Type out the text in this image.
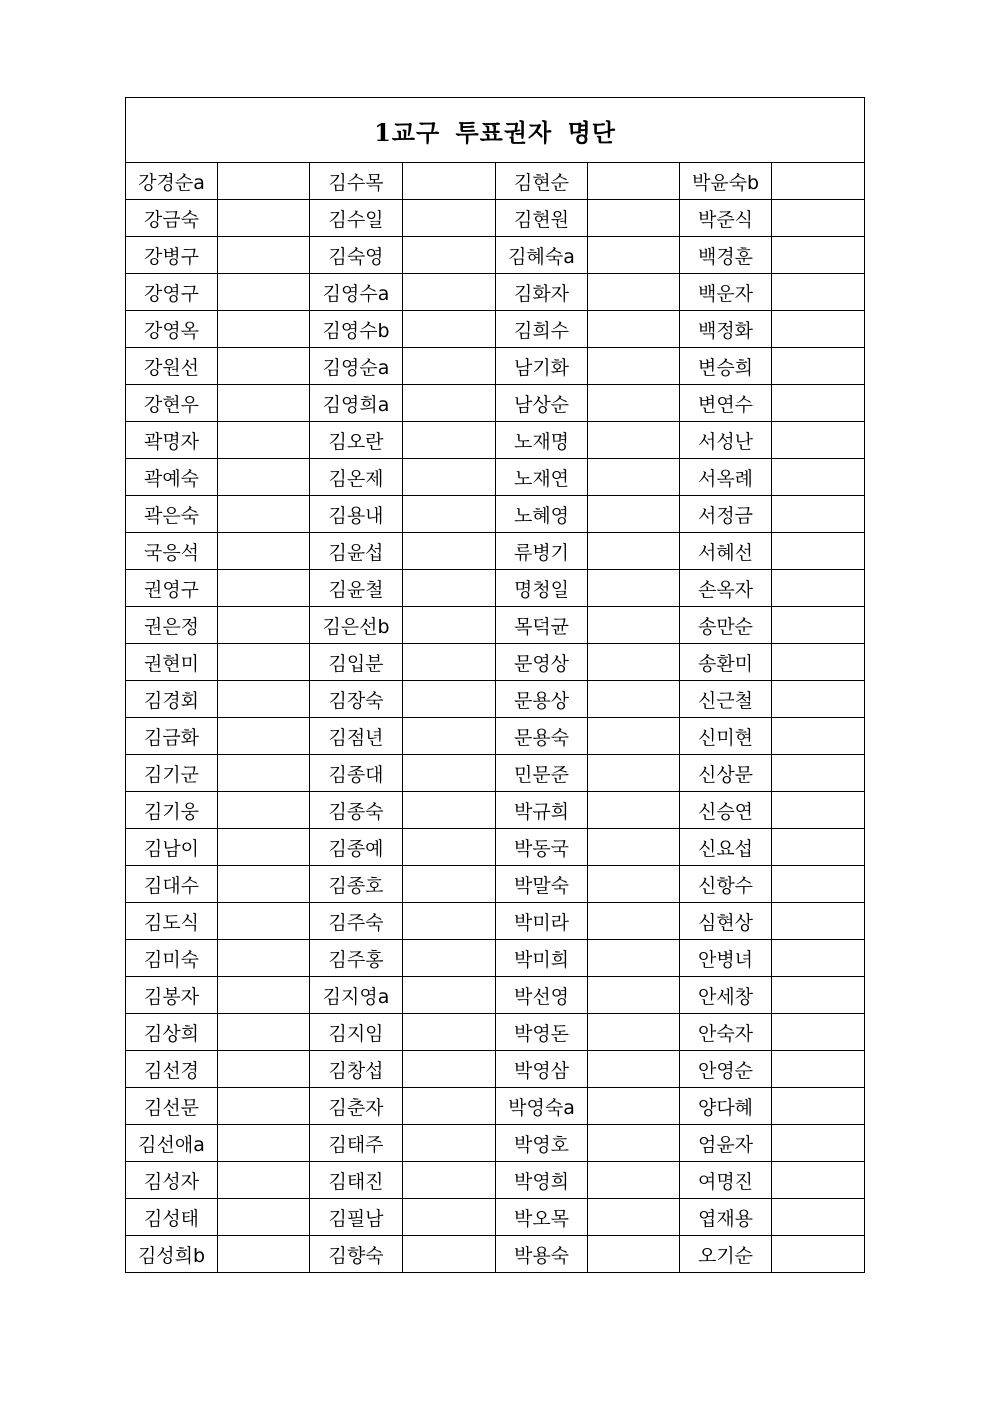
1교구 투표권자 명단							
강경순a		김수목		김현순		박윤숙b	
강금숙		김수일		김현원		박준식	
강병구		김숙영		김혜숙a		백경훈	
강영구		김영수a		김화자		백운자	
강영옥		김영수b		김희수		백정화	
강원선		김영순a		남기화		변승희	
강현우		김영희a		남상순		변연수	
곽명자		김오란		노재명		서성난	
곽예숙		김온제		노재연		서옥례	
곽은숙		김용내		노혜영		서정금	
국응석		김윤섭		류병기		서혜선	
권영구		김윤철		명청일		손옥자	
권은정		김은선b		목덕균		송만순	
권현미		김입분		문영상		송환미	
김경회		김장숙		문용상		신근철	
김금화		김점년		문용숙		신미현	
김기군		김종대		민문준		신상문	
김기웅		김종숙		박규희		신승연	
김남이		김종예		박동국		신요섭	
김대수		김종호		박말숙		신항수	
김도식		김주숙		박미라		심현상	
김미숙		김주홍		박미희		안병녀	
김봉자		김지영a		박선영		안세창	
김상희		김지임		박영돈		안숙자	
김선경		김창섭		박영삼		안영순	
김선문		김춘자		박영숙a		양다혜	
김선애a		김태주		박영호		엄윤자	
김성자		김태진		박영희		여명진	
김성태		김필남		박오목		엽재용	
김성희b		김향숙		박용숙		오기순	
